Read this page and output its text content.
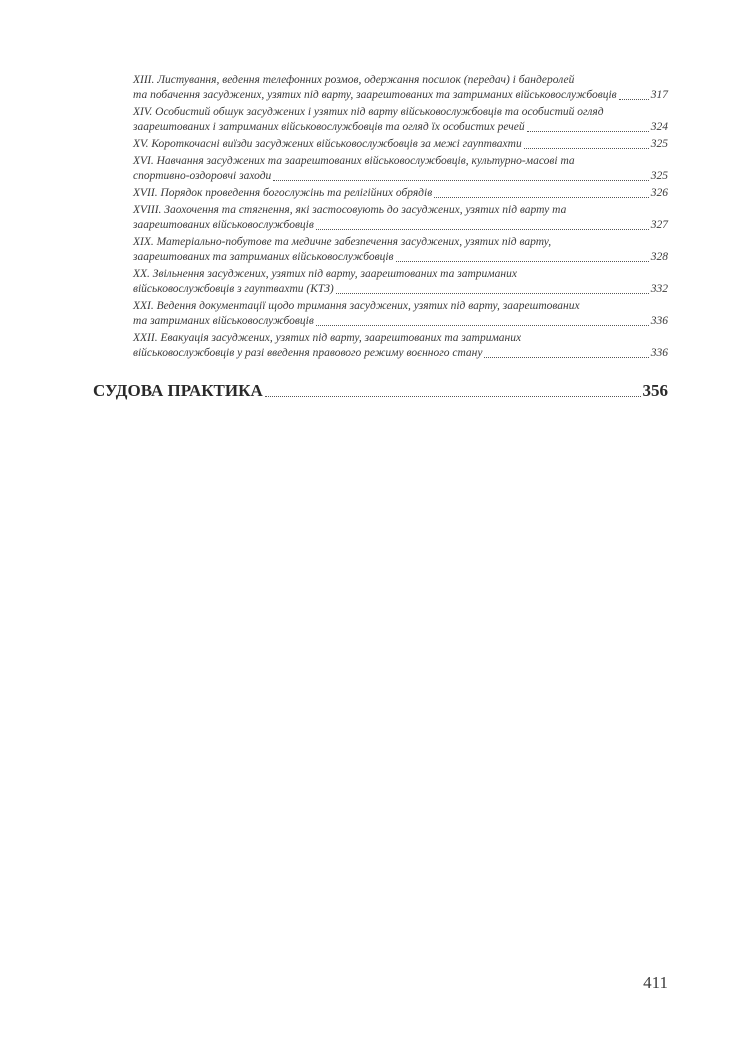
XIII. Листування, ведення телефонних розмов, одержання посилок (передач) і бандеролей
та побачення засуджених, узятих під варту, заарештованих та затриманих військовослужбовців	317
XIV. Особистий обшук засуджених і узятих під варту військовослужбовців та особистий огляд
заарештованих і затриманих військовослужбовців та огляд їх особистих речей	324
XV. Короткочасні виїзди засуджених військовослужбовців за межі гауптвахти	325
XVI. Навчання засуджених та заарештованих військовослужбовців, культурно-масові та
спортивно-оздоровчі заходи	325
XVII. Порядок проведення богослужінь та релігійних обрядів	326
XVIII. Заохочення та стягнення, які застосовують до засуджених, узятих під варту та
заарештованих військовослужбовців	327
XIX. Матеріально-побутове та медичне забезпечення засуджених, узятих під варту,
заарештованих та затриманих військовослужбовців	328
XX. Звільнення засуджених, узятих під варту, заарештованих та затриманих
військовослужбовців з гауптвахти (КТЗ)	332
XXI. Ведення документації щодо тримання засуджених, узятих під варту, заарештованих
та затриманих військовослужбовців	336
XXII. Евакуація засуджених, узятих під варту, заарештованих та затриманих
військовослужбовців у разі введення правового режиму воєнного стану	336
СУДОВА ПРАКТИКА	356
411
